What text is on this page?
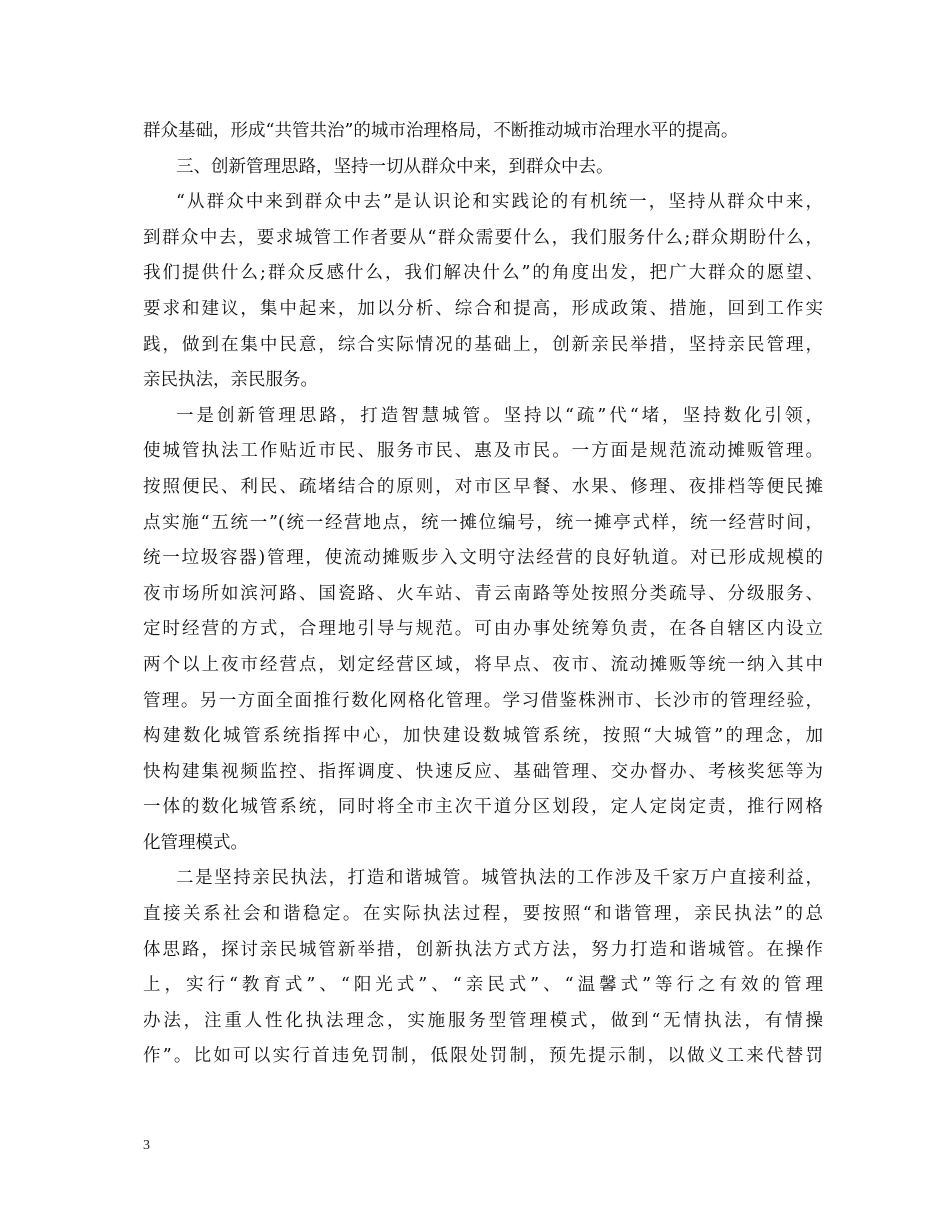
群众基础，形成“共管共治”的城市治理格局，不断推动城市治理水平的提高。
三、创新管理思路，坚持一切从群众中来，到群众中去。
“从群众中来到群众中去”是认识论和实践论的有机统一，坚持从群众中来，
到群众中去，要求城管工作者要从“群众需要什么，我们服务什么;群众期盼什么，
我们提供什么;群众反感什么，我们解决什么”的角度出发，把广大群众的愿望、
要求和建议，集中起来，加以分析、综合和提高，形成政策、措施，回到工作实
践，做到在集中民意，综合实际情况的基础上，创新亲民举措，坚持亲民管理，
亲民执法，亲民服务。
一是创新管理思路，打造智慧城管。坚持以“疏”代“堵，坚持数化引领，
使城管执法工作贴近市民、服务市民、惠及市民。一方面是规范流动摊贩管理。
按照便民、利民、疏堵结合的原则，对市区早餐、水果、修理、夜排档等便民摊
点实施“五统一”(统一经营地点，统一摊位编号，统一摊亭式样，统一经营时间，
统一垃圾容器)管理，使流动摊贩步入文明守法经营的良好轨道。对已形成规模的
夜市场所如滨河路、国瓷路、火车站、青云南路等处按照分类疏导、分级服务、
定时经营的方式，合理地引导与规范。可由办事处统筹负责，在各自辖区内设立
两个以上夜市经营点，划定经营区域，将早点、夜市、流动摊贩等统一纳入其中
管理。另一方面全面推行数化网格化管理。学习借鉴株洲市、长沙市的管理经验，
构建数化城管系统指挥中心，加快建设数城管系统，按照“大城管”的理念，加
快构建集视频监控、指挥调度、快速反应、基础管理、交办督办、考核奖惩等为
一体的数化城管系统，同时将全市主次干道分区划段，定人定岗定责，推行网格
化管理模式。
二是坚持亲民执法，打造和谐城管。城管执法的工作涉及千家万户直接利益，
直接关系社会和谐稳定。在实际执法过程，要按照“和谐管理，亲民执法”的总
体思路，探讨亲民城管新举措，创新执法方式方法，努力打造和谐城管。在操作
上，实行“教育式”、“阳光式”、“亲民式”、“温馨式”等行之有效的管理
办法，注重人性化执法理念，实施服务型管理模式，做到“无情执法，有情操
作”。比如可以实行首违免罚制，低限处罚制，预先提示制，以做义工来代替罚
3
